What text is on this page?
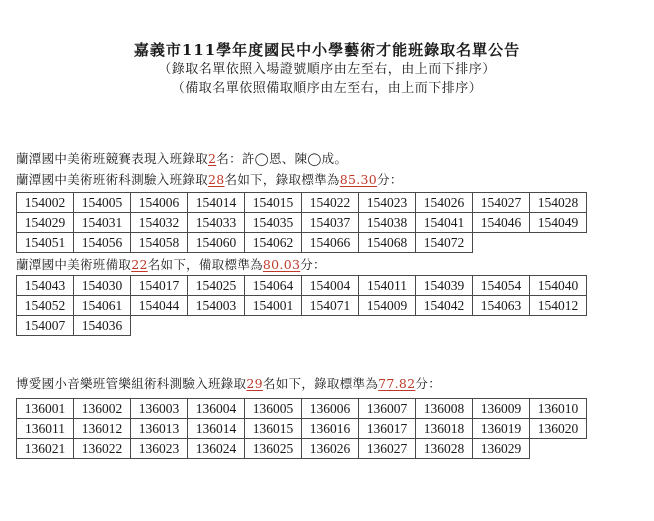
嘉義市111學年度國民中小學藝術才能班錄取名單公告
（錄取名單依照入場證號順序由左至右，由上而下排序）
（備取名單依照備取順序由左至右，由上而下排序）
蘭潭國中美術班競賽表現入班錄取2名：許◯恩、陳◯成。
蘭潭國中美術班術科測驗入班錄取28名如下，錄取標準為85.30分：
154002	154005	154006	154014	154015	154022	154023	154026	154027	154028
154029	154031	154032	154033	154035	154037	154038	154041	154046	154049
154051	154056	154058	154060	154062	154066	154068	154072		
蘭潭國中美術班備取22名如下，備取標準為80.03分：
154043	154030	154017	154025	154064	154004	154011	154039	154054	154040
154052	154061	154044	154003	154001	154071	154009	154042	154063	154012
154007	154036								
博愛國小音樂班管樂組術科測驗入班錄取29名如下，錄取標準為77.82分：
136001	136002	136003	136004	136005	136006	136007	136008	136009	136010
136011	136012	136013	136014	136015	136016	136017	136018	136019	136020
136021	136022	136023	136024	136025	136026	136027	136028	136029	
